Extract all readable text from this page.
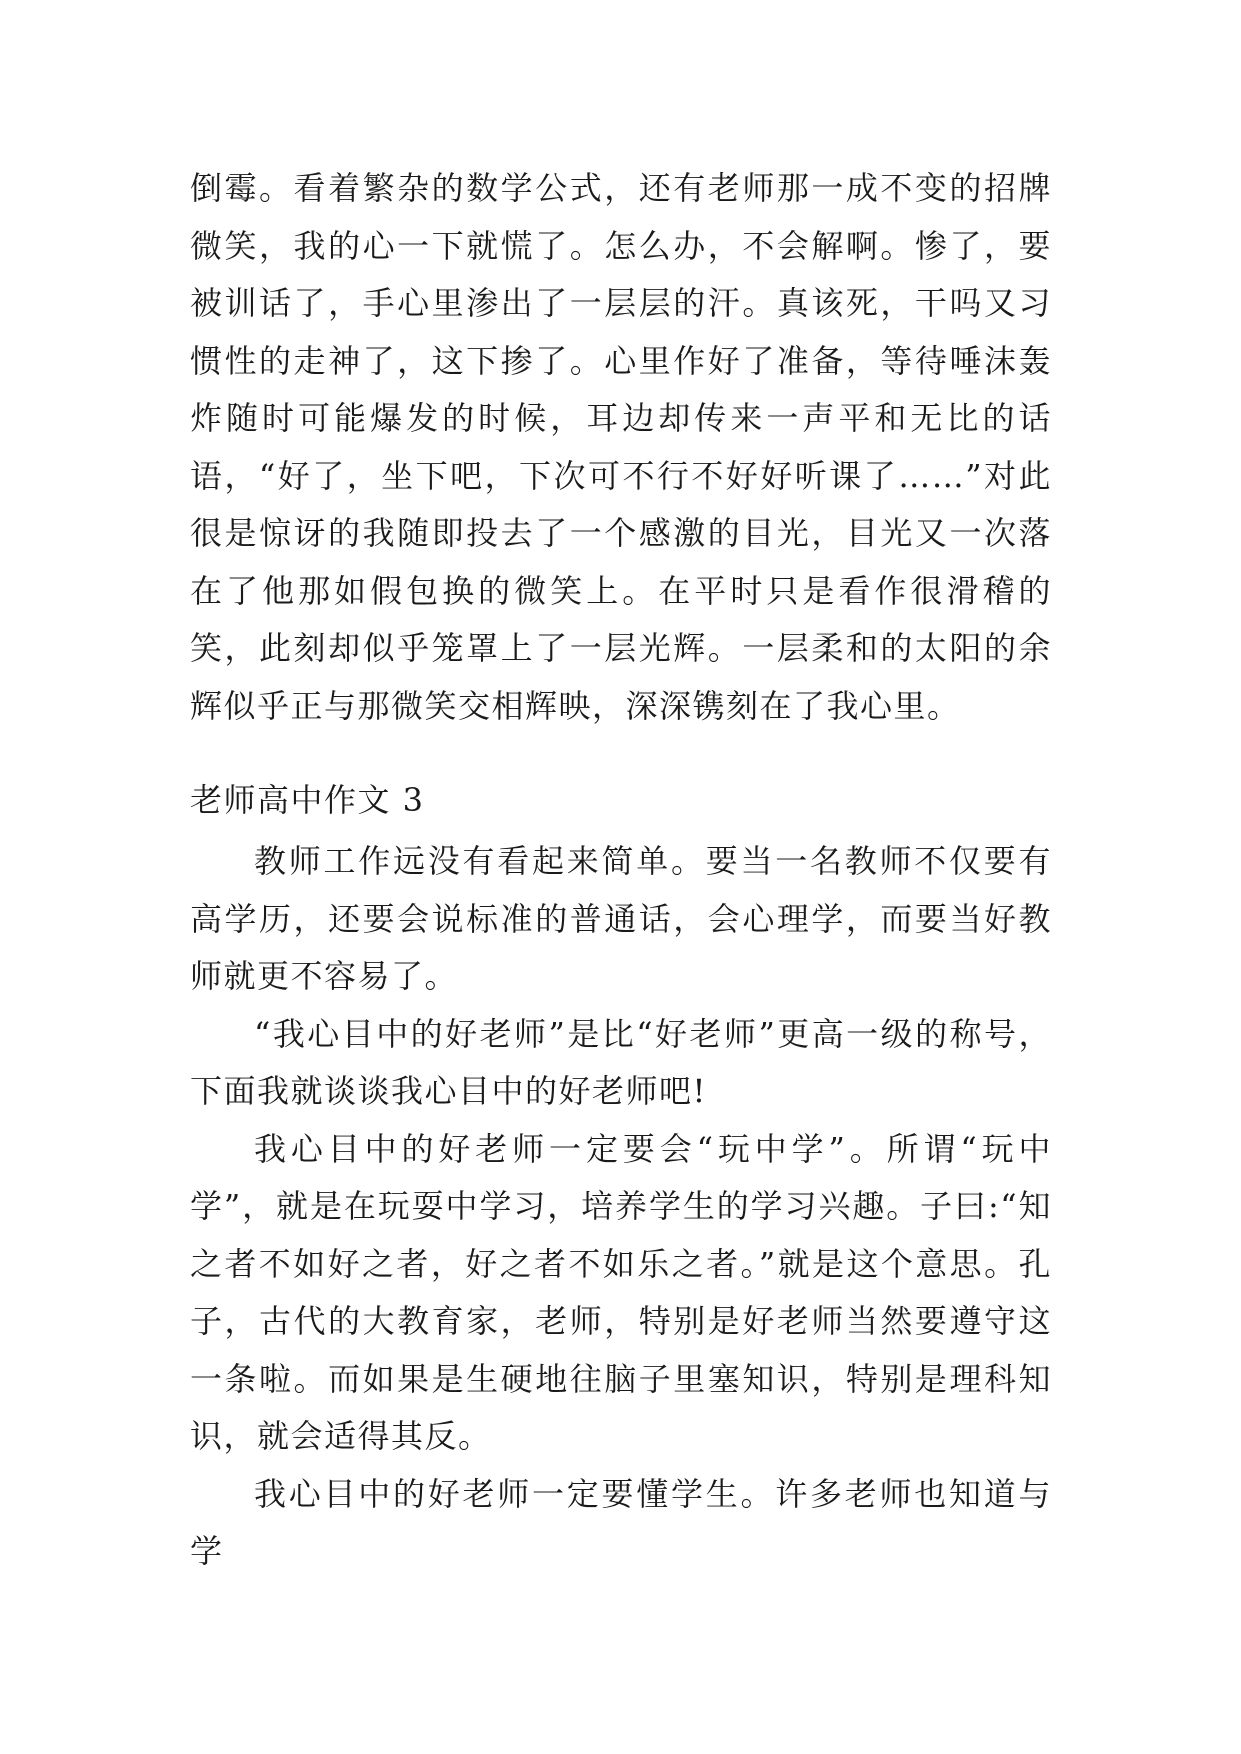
倒霉。看着繁杂的数学公式，还有老师那一成不变的招牌微笑，我的心一下就慌了。怎么办，不会解啊。惨了，要被训话了，手心里渗出了一层层的汗。真该死，干吗又习惯性的走神了，这下掺了。心里作好了准备，等待唾沫轰炸随时可能爆发的时候，耳边却传来一声平和无比的话语，“好了，坐下吧，下次可不行不好好听课了……”对此很是惊讶的我随即投去了一个感激的目光，目光又一次落在了他那如假包换的微笑上。在平时只是看作很滑稽的笑，此刻却似乎笼罩上了一层光辉。一层柔和的太阳的余辉似乎正与那微笑交相辉映，深深镌刻在了我心里。

老师高中作文 3

教师工作远没有看起来简单。要当一名教师不仅要有高学历，还要会说标准的普通话，会心理学，而要当好教师就更不容易了。

“我心目中的好老师”是比“好老师”更高一级的称号，下面我就谈谈我心目中的好老师吧!

我心目中的好老师一定要会“玩中学”。所谓“玩中学”，就是在玩耍中学习，培养学生的学习兴趣。子曰:“知之者不如好之者，好之者不如乐之者。”就是这个意思。孔子，古代的大教育家，老师，特别是好老师当然要遵守这一条啦。而如果是生硬地往脑子里塞知识，特别是理科知识，就会适得其反。

我心目中的好老师一定要懂学生。许多老师也知道与学
